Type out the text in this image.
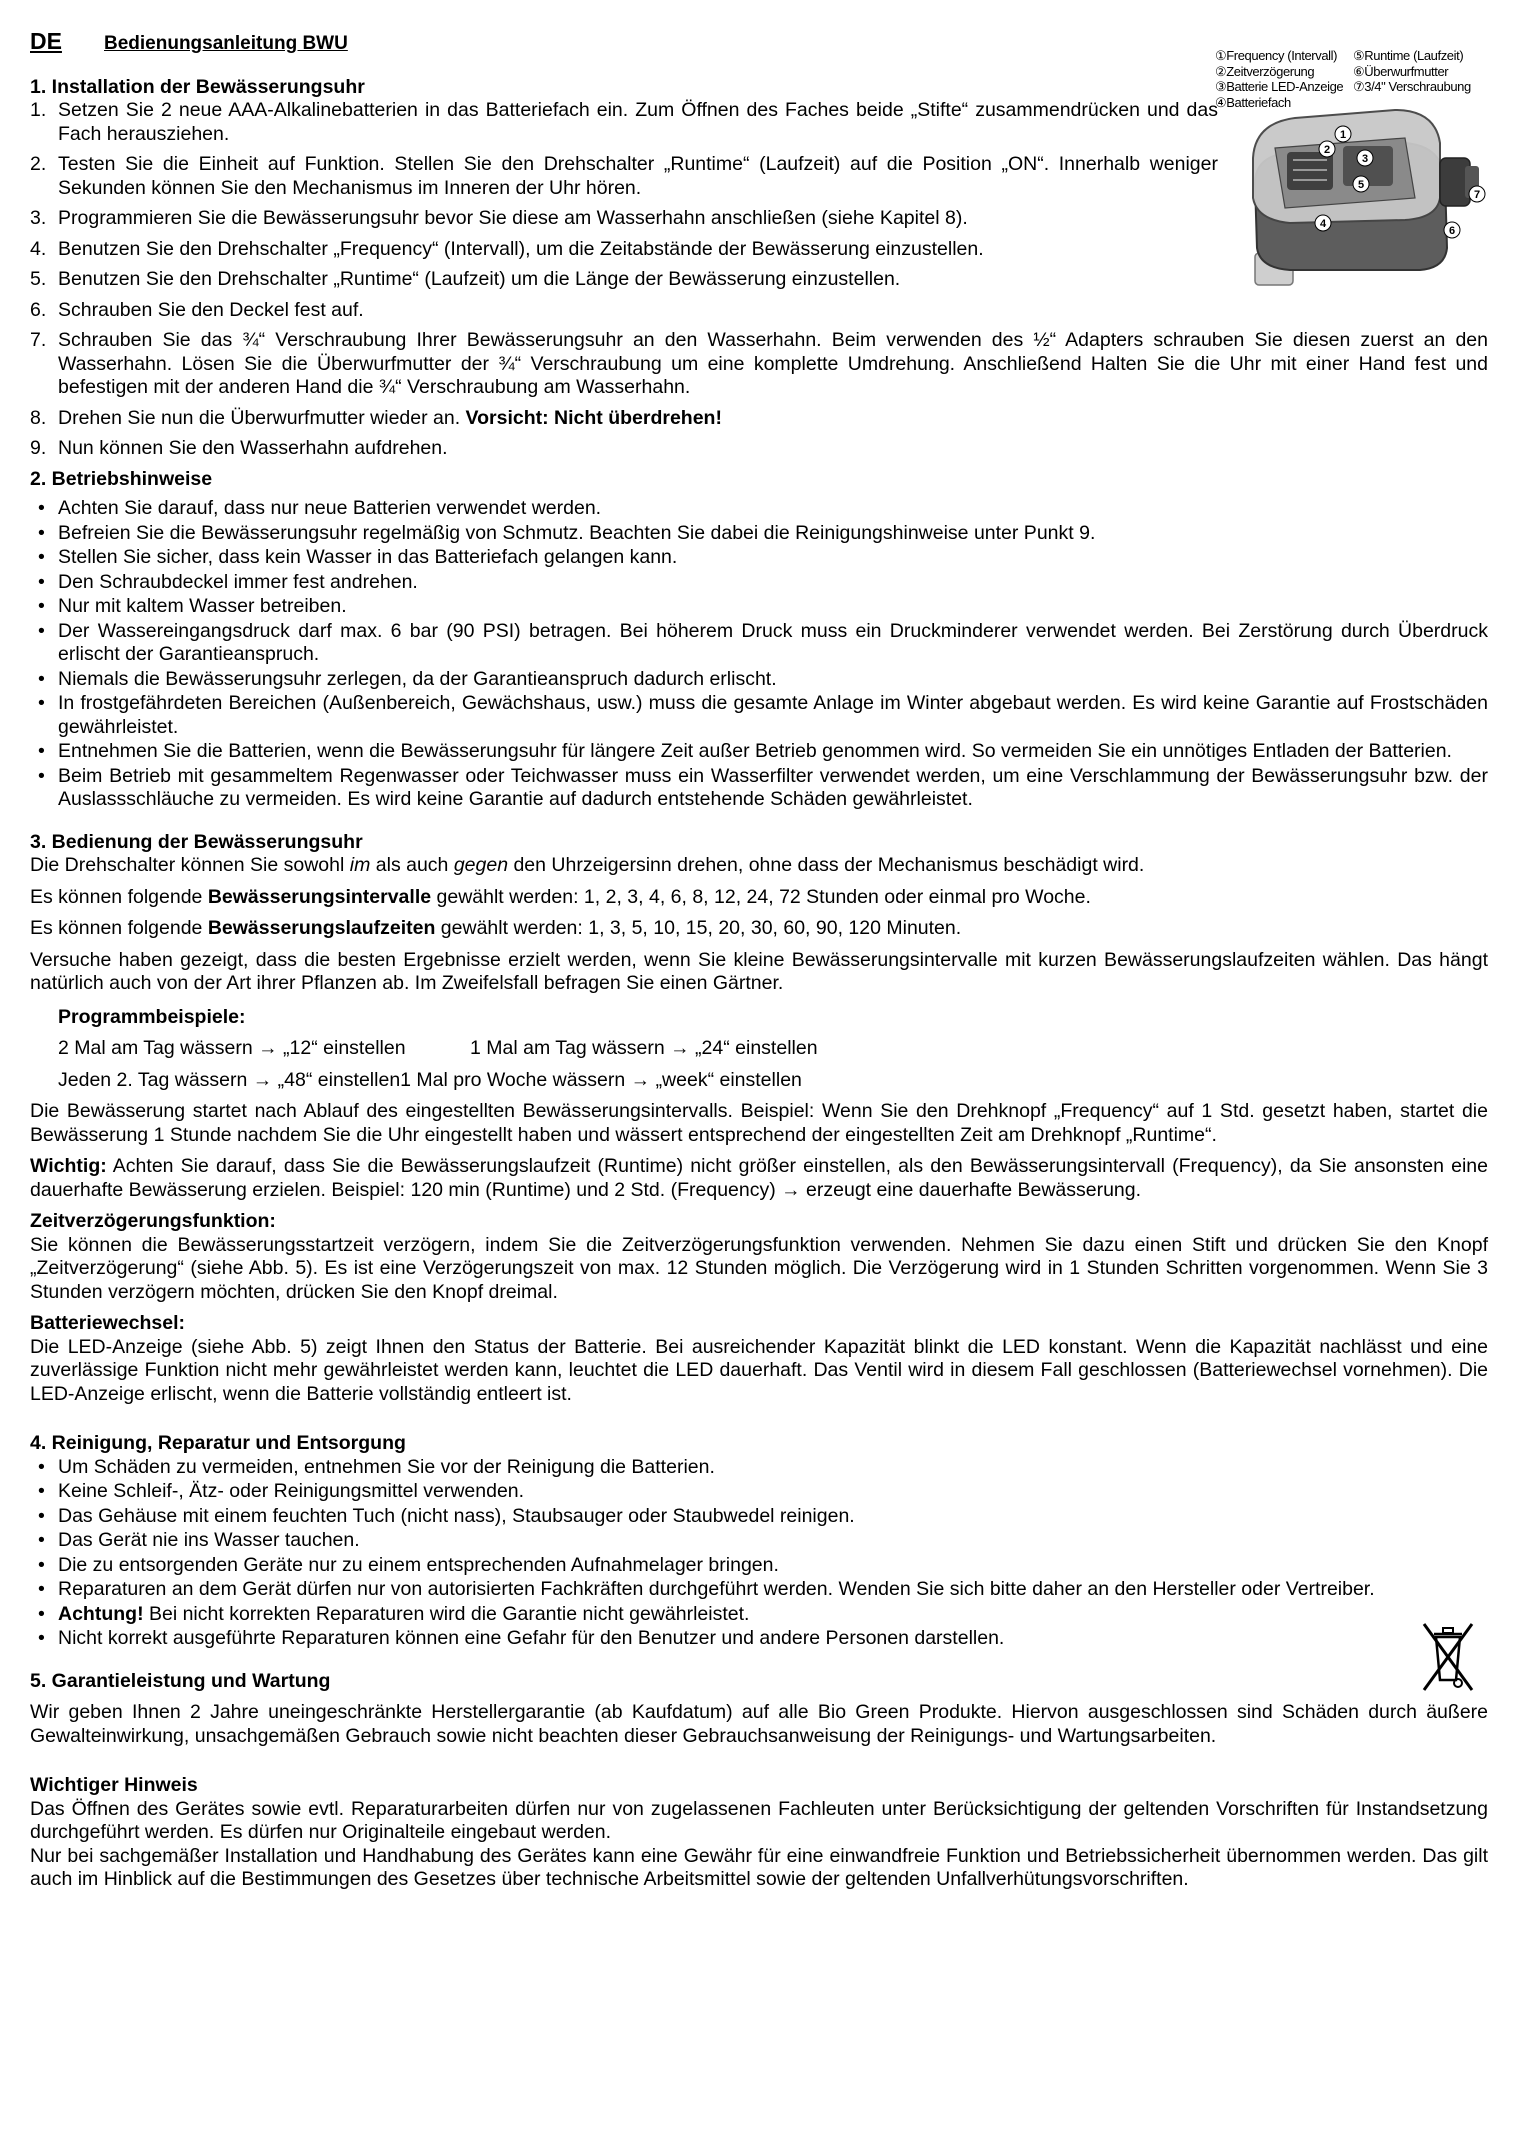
①Frequency (Intervall)
②Zeitverzögerung
③Batterie LED-Anzeige
④Batteriefach
⑤Runtime (Laufzeit)
⑥Überwurfmutter
⑦3/4" Verschraubung
1
2
3
4
5
6
7
DE Bedienungsanleitung BWU
1. Installation der Bewässerungsuhr
1. Setzen Sie 2 neue AAA-Alkalinebatterien in das Batteriefach ein. Zum Öffnen des Faches beide „Stifte“ zusammendrücken und das Fach herausziehen.
2. Testen Sie die Einheit auf Funktion. Stellen Sie den Drehschalter „Runtime“ (Laufzeit) auf die Position „ON“. Innerhalb weniger Sekunden können Sie den Mechanismus im Inneren der Uhr hören.
3. Programmieren Sie die Bewässerungsuhr bevor Sie diese am Wasserhahn anschließen (siehe Kapitel 8).
4. Benutzen Sie den Drehschalter „Frequency“ (Intervall), um die Zeitabstände der Bewässerung einzustellen.
5. Benutzen Sie den Drehschalter „Runtime“ (Laufzeit) um die Länge der Bewässerung einzustellen.
6. Schrauben Sie den Deckel fest auf.
7. Schrauben Sie das ¾“ Verschraubung Ihrer Bewässerungsuhr an den Wasserhahn. Beim verwenden des ½“ Adapters schrauben Sie diesen zuerst an den Wasserhahn. Lösen Sie die Überwurfmutter der ¾“ Verschraubung um eine komplette Umdrehung. Anschließend Halten Sie die Uhr mit einer Hand fest und befestigen mit der anderen Hand die ¾“ Verschraubung am Wasserhahn.
8. Drehen Sie nun die Überwurfmutter wieder an. Vorsicht: Nicht überdrehen!
9. Nun können Sie den Wasserhahn aufdrehen.
2. Betriebshinweise
• Achten Sie darauf, dass nur neue Batterien verwendet werden.
• Befreien Sie die Bewässerungsuhr regelmäßig von Schmutz. Beachten Sie dabei die Reinigungshinweise unter Punkt 9.
• Stellen Sie sicher, dass kein Wasser in das Batteriefach gelangen kann.
• Den Schraubdeckel immer fest andrehen.
• Nur mit kaltem Wasser betreiben.
• Der Wassereingangsdruck darf max. 6 bar (90 PSI) betragen. Bei höherem Druck muss ein Druckminderer verwendet werden. Bei Zerstörung durch Überdruck erlischt der Garantieanspruch.
• Niemals die Bewässerungsuhr zerlegen, da der Garantieanspruch dadurch erlischt.
• In frostgefährdeten Bereichen (Außenbereich, Gewächshaus, usw.) muss die gesamte Anlage im Winter abgebaut werden. Es wird keine Garantie auf Frostschäden gewährleistet.
• Entnehmen Sie die Batterien, wenn die Bewässerungsuhr für längere Zeit außer Betrieb genommen wird. So vermeiden Sie ein unnötiges Entladen der Batterien.
• Beim Betrieb mit gesammeltem Regenwasser oder Teichwasser muss ein Wasserfilter verwendet werden, um eine Verschlammung der Bewässerungsuhr bzw. der Auslassschläuche zu vermeiden. Es wird keine Garantie auf dadurch entstehende Schäden gewährleistet.
3. Bedienung der Bewässerungsuhr

Die Drehschalter können Sie sowohl im als auch gegen den Uhrzeigersinn drehen, ohne dass der Mechanismus beschädigt wird.

Es können folgende Bewässerungsintervalle gewählt werden: 1, 2, 3, 4, 6, 8, 12, 24, 72 Stunden oder einmal pro Woche.

Es können folgende Bewässerungslaufzeiten gewählt werden: 1, 3, 5, 10, 15, 20, 30, 60, 90, 120 Minuten.

Versuche haben gezeigt, dass die besten Ergebnisse erzielt werden, wenn Sie kleine Bewässerungsintervalle mit kurzen Bewässerungslaufzeiten wählen. Das hängt natürlich auch von der Art ihrer Pflanzen ab. Im Zweifelsfall befragen Sie einen Gärtner.

Programmbeispiele:
2 Mal am Tag wässern → „12“ einstellen	1 Mal am Tag wässern → „24“ einstellen
Jeden 2. Tag wässern → „48“ einstellen1 Mal pro Woche wässern → „week“ einstellen

Die Bewässerung startet nach Ablauf des eingestellten Bewässerungsintervalls. Beispiel: Wenn Sie den Drehknopf „Frequency“ auf 1 Std. gesetzt haben, startet die Bewässerung 1 Stunde nachdem Sie die Uhr eingestellt haben und wässert entsprechend der eingestellten Zeit am Drehknopf „Runtime“.

Wichtig: Achten Sie darauf, dass Sie die Bewässerungslaufzeit (Runtime) nicht größer einstellen, als den Bewässerungsintervall (Frequency), da Sie ansonsten eine dauerhafte Bewässerung erzielen. Beispiel: 120 min (Runtime) und 2 Std. (Frequency) → erzeugt eine dauerhafte Bewässerung.

Zeitverzögerungsfunktion:

Sie können die Bewässerungsstartzeit verzögern, indem Sie die Zeitverzögerungsfunktion verwenden. Nehmen Sie dazu einen Stift und drücken Sie den Knopf „Zeitverzögerung“ (siehe Abb. 5). Es ist eine Verzögerungszeit von max. 12 Stunden möglich. Die Verzögerung wird in 1 Stunden Schritten vorgenommen. Wenn Sie 3 Stunden verzögern möchten, drücken Sie den Knopf dreimal.

Batteriewechsel:

Die LED-Anzeige (siehe Abb. 5) zeigt Ihnen den Status der Batterie. Bei ausreichender Kapazität blinkt die LED konstant. Wenn die Kapazität nachlässt und eine zuverlässige Funktion nicht mehr gewährleistet werden kann, leuchtet die LED dauerhaft. Das Ventil wird in diesem Fall geschlossen (Batteriewechsel vornehmen). Die LED-Anzeige erlischt, wenn die Batterie vollständig entleert ist.

4. Reinigung, Reparatur und Entsorgung
• Um Schäden zu vermeiden, entnehmen Sie vor der Reinigung die Batterien.
• Keine Schleif-, Ätz- oder Reinigungsmittel verwenden.
• Das Gehäuse mit einem feuchten Tuch (nicht nass), Staubsauger oder Staubwedel reinigen.
• Das Gerät nie ins Wasser tauchen.
• Die zu entsorgenden Geräte nur zu einem entsprechenden Aufnahmelager bringen.
• Reparaturen an dem Gerät dürfen nur von autorisierten Fachkräften durchgeführt werden. Wenden Sie sich bitte daher an den Hersteller oder Vertreiber.
• Achtung! Bei nicht korrekten Reparaturen wird die Garantie nicht gewährleistet.
• Nicht korrekt ausgeführte Reparaturen können eine Gefahr für den Benutzer und andere Personen darstellen.
5. Garantieleistung und Wartung

Wir geben Ihnen 2 Jahre uneingeschränkte Herstellergarantie (ab Kaufdatum) auf alle Bio Green Produkte. Hiervon ausgeschlossen sind Schäden durch äußere Gewalteinwirkung, unsachgemäßen Gebrauch sowie nicht beachten dieser Gebrauchsanweisung der Reinigungs- und Wartungsarbeiten.

Wichtiger Hinweis

Das Öffnen des Gerätes sowie evtl. Reparaturarbeiten dürfen nur von zugelassenen Fachleuten unter Berücksichtigung der geltenden Vorschriften für Instandsetzung durchgeführt werden. Es dürfen nur Originalteile eingebaut werden.

Nur bei sachgemäßer Installation und Handhabung des Gerätes kann eine Gewähr für eine einwandfreie Funktion und Betriebssicherheit übernommen werden. Das gilt auch im Hinblick auf die Bestimmungen des Gesetzes über technische Arbeitsmittel sowie der geltenden Unfallverhütungsvorschriften.
